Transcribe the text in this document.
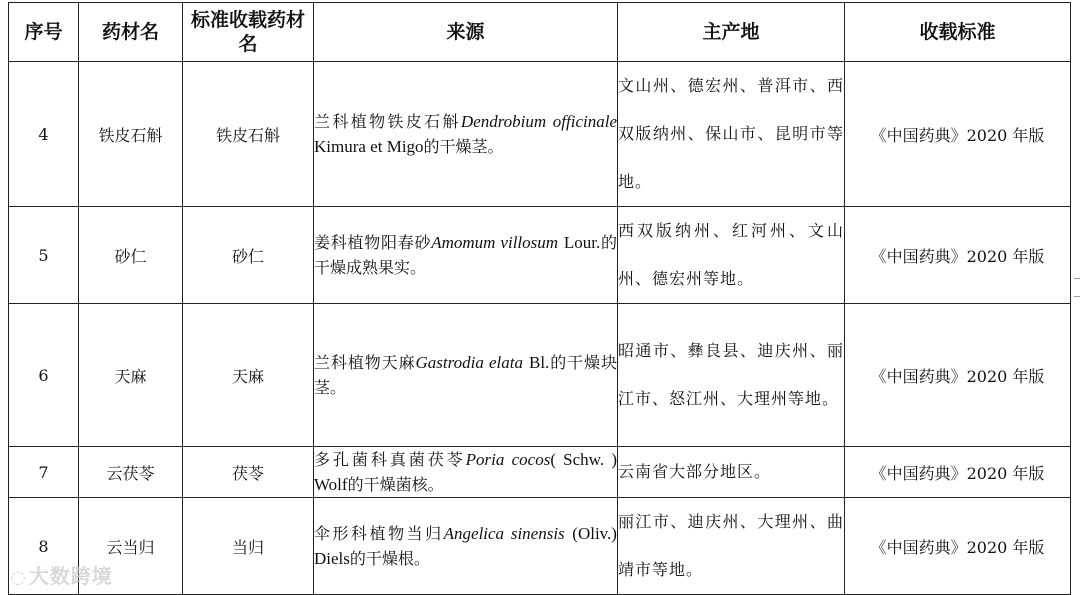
序号	药材名	标准收载药材名	来源	主产地	收载标准
4	铁皮石斛	铁皮石斛	兰科植物铁皮石斛Dendrobium officinale Kimura et Migo的干燥茎。	文山州、德宏州、普洱市、西双版纳州、保山市、昆明市等地。	《中国药典》2020 年版
5	砂仁	砂仁	姜科植物阳春砂Amomum villosum Lour.的干燥成熟果实。	西双版纳州、红河州、文山州、德宏州等地。	《中国药典》2020 年版
6	天麻	天麻	兰科植物天麻Gastrodia elata Bl.的干燥块茎。	昭通市、彝良县、迪庆州、丽江市、怒江州、大理州等地。	《中国药典》2020 年版
7	云茯苓	茯苓	多孔菌科真菌茯苓Poria cocos( Schw. ) Wolf的干燥菌核。	云南省大部分地区。	《中国药典》2020 年版
8	云当归	当归	伞形科植物当归Angelica sinensis (Oliv.) Diels的干燥根。	丽江市、迪庆州、大理州、曲靖市等地。	《中国药典》2020 年版
◌ 大数跨境
